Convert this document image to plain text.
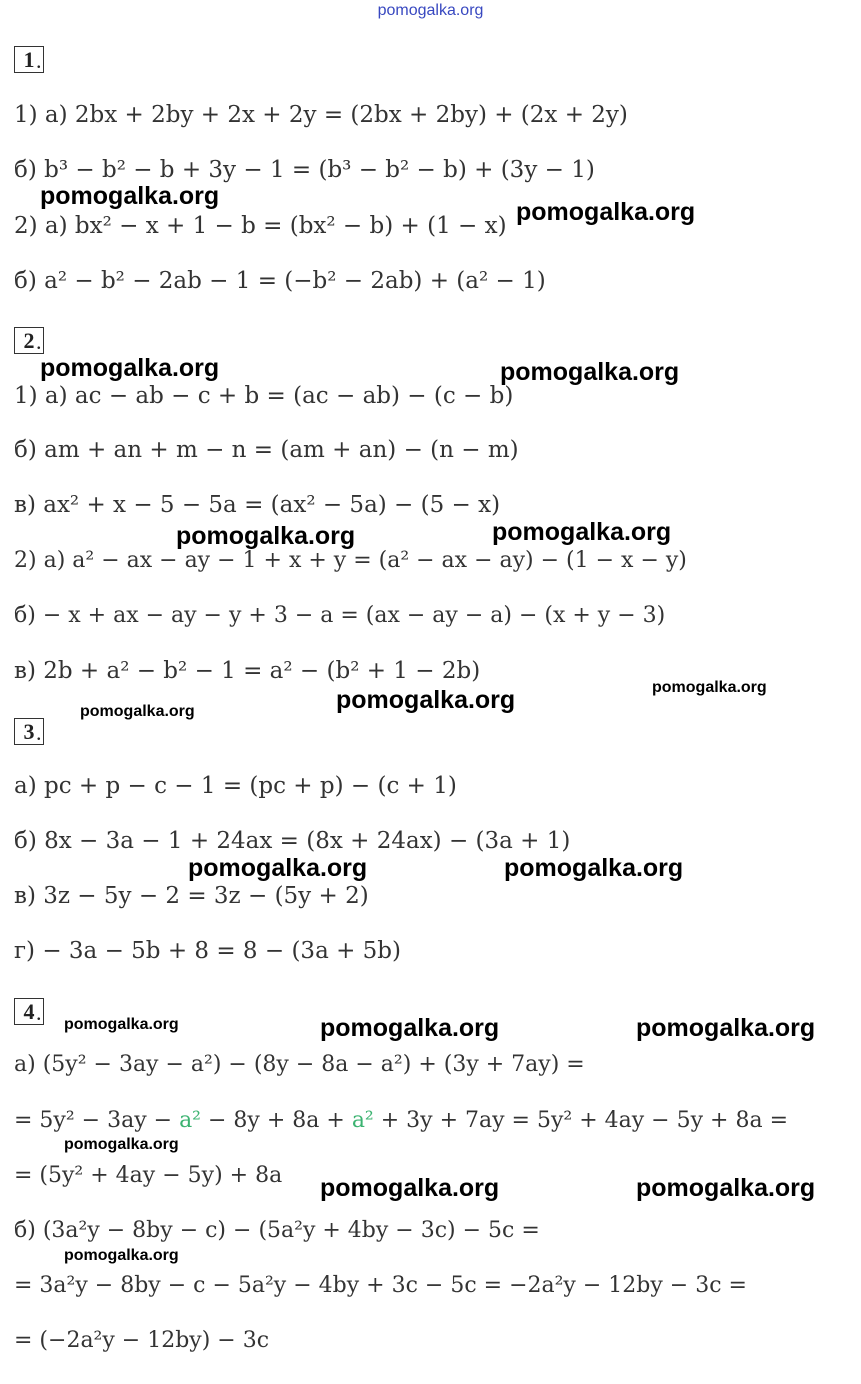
pomogalka.org
1 .
1) а) 2bx + 2by + 2x + 2y = (2bx + 2by) + (2x + 2y)
б) b³ − b² − b + 3y − 1 = (b³ − b² − b) + (3y − 1)
2) а) bx² − x + 1 − b = (bx² − b) + (1 − x)
б) a² − b² − 2ab − 1 = (−b² − 2ab) + (a² − 1)
2 .
1) а) ac − ab − c + b = (ac − ab) − (c − b)
б) am + an + m − n = (am + an) − (n − m)
в) ax² + x − 5 − 5a = (ax² − 5a) − (5 − x)
2) а) a² − ax − ay − 1 + x + y = (a² − ax − ay) − (1 − x − y)
б) − x + ax − ay − y + 3 − a = (ax − ay − a) − (x + y − 3)
в) 2b + a² − b² − 1 = a² − (b² + 1 − 2b)
3 .
а) pc + p − c − 1 = (pc + p) − (c + 1)
б) 8x − 3a − 1 + 24ax = (8x + 24ax) − (3a + 1)
в) 3z − 5y − 2 = 3z − (5y + 2)
г) − 3a − 5b + 8 = 8 − (3a + 5b)
4 .
а) (5y² − 3ay − a²) − (8y − 8a − a²) + (3y + 7ay) =
= 5y² − 3ay − a² − 8y + 8a + a² + 3y + 7ay = 5y² + 4ay − 5y + 8a =
= (5y² + 4ay − 5y) + 8a
б) (3a²y − 8by − c) − (5a²y + 4by − 3c) − 5c =
= 3a²y − 8by − c − 5a²y − 4by + 3c − 5c = −2a²y − 12by − 3c =
= (−2a²y − 12by) − 3c
pomogalka.org
pomogalka.org
pomogalka.org	pomogalka.org
pomogalka.org	pomogalka.org
pomogalka.org	pomogalka.org
pomogalka.org
pomogalka.org	pomogalka.org
pomogalka.org	pomogalka.org	pomogalka.org
pomogalka.org
pomogalka.org	pomogalka.org
pomogalka.org
